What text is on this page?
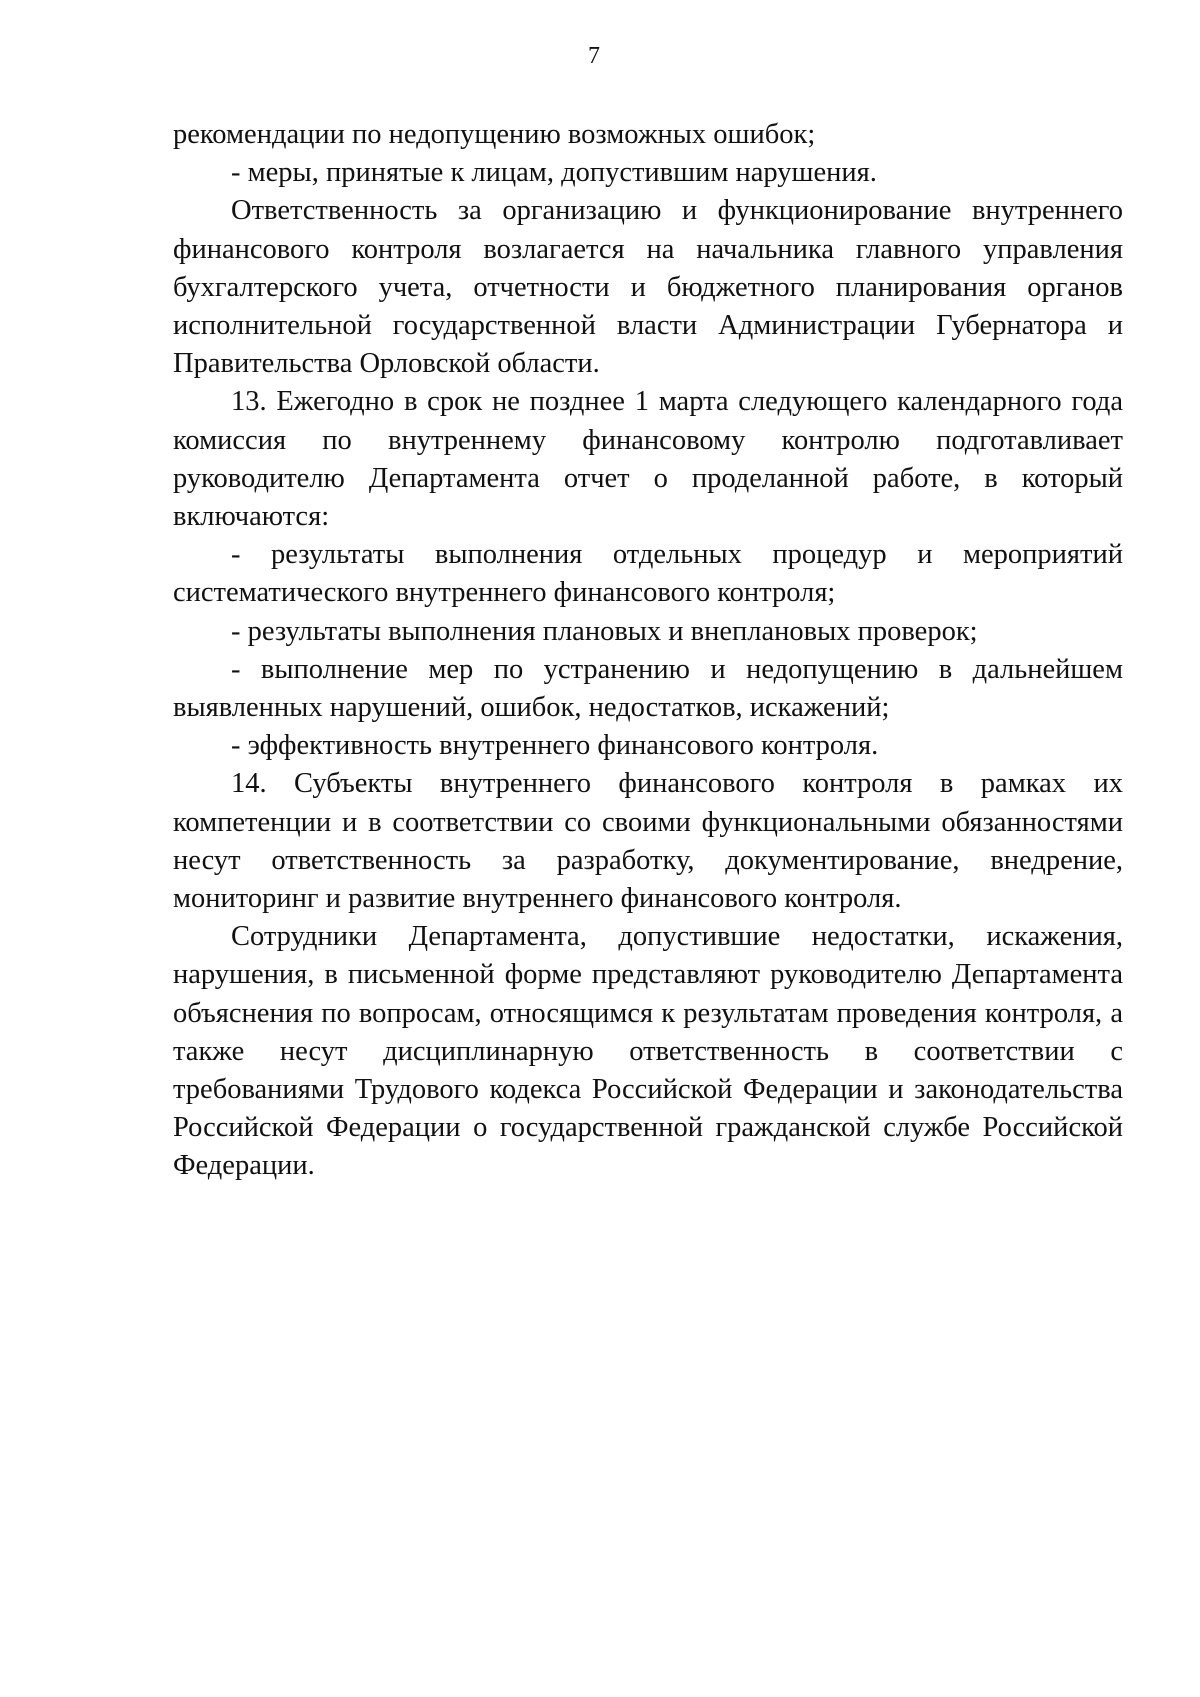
7

рекомендации по недопущению возможных ошибок;

- меры, принятые к лицам, допустившим нарушения.

Ответственность за организацию и функционирование внутреннего финансового контроля возлагается на начальника главного управления бухгалтерского учета, отчетности и бюджетного планирования органов исполнительной государственной власти Администрации Губернатора и Правительства Орловской области.

13. Ежегодно в срок не позднее 1 марта следующего календарного года комиссия по внутреннему финансовому контролю подготавливает руководителю Департамента отчет о проделанной работе, в который включаются:

- результаты выполнения отдельных процедур и мероприятий систематического внутреннего финансового контроля;

- результаты выполнения плановых и внеплановых проверок;

- выполнение мер по устранению и недопущению в дальнейшем выявленных нарушений, ошибок, недостатков, искажений;

- эффективность внутреннего финансового контроля.

14. Субъекты внутреннего финансового контроля в рамках их компетенции и в соответствии со своими функциональными обязанностями несут ответственность за разработку, документирование, внедрение, мониторинг и развитие внутреннего финансового контроля.

Сотрудники Департамента, допустившие недостатки, искажения, нарушения, в письменной форме представляют руководителю Департамента объяснения по вопросам, относящимся к результатам проведения контроля, а также несут дисциплинарную ответственность в соответствии с требованиями Трудового кодекса Российской Федерации и законодательства Российской Федерации о государственной гражданской службе Российской Федерации.
